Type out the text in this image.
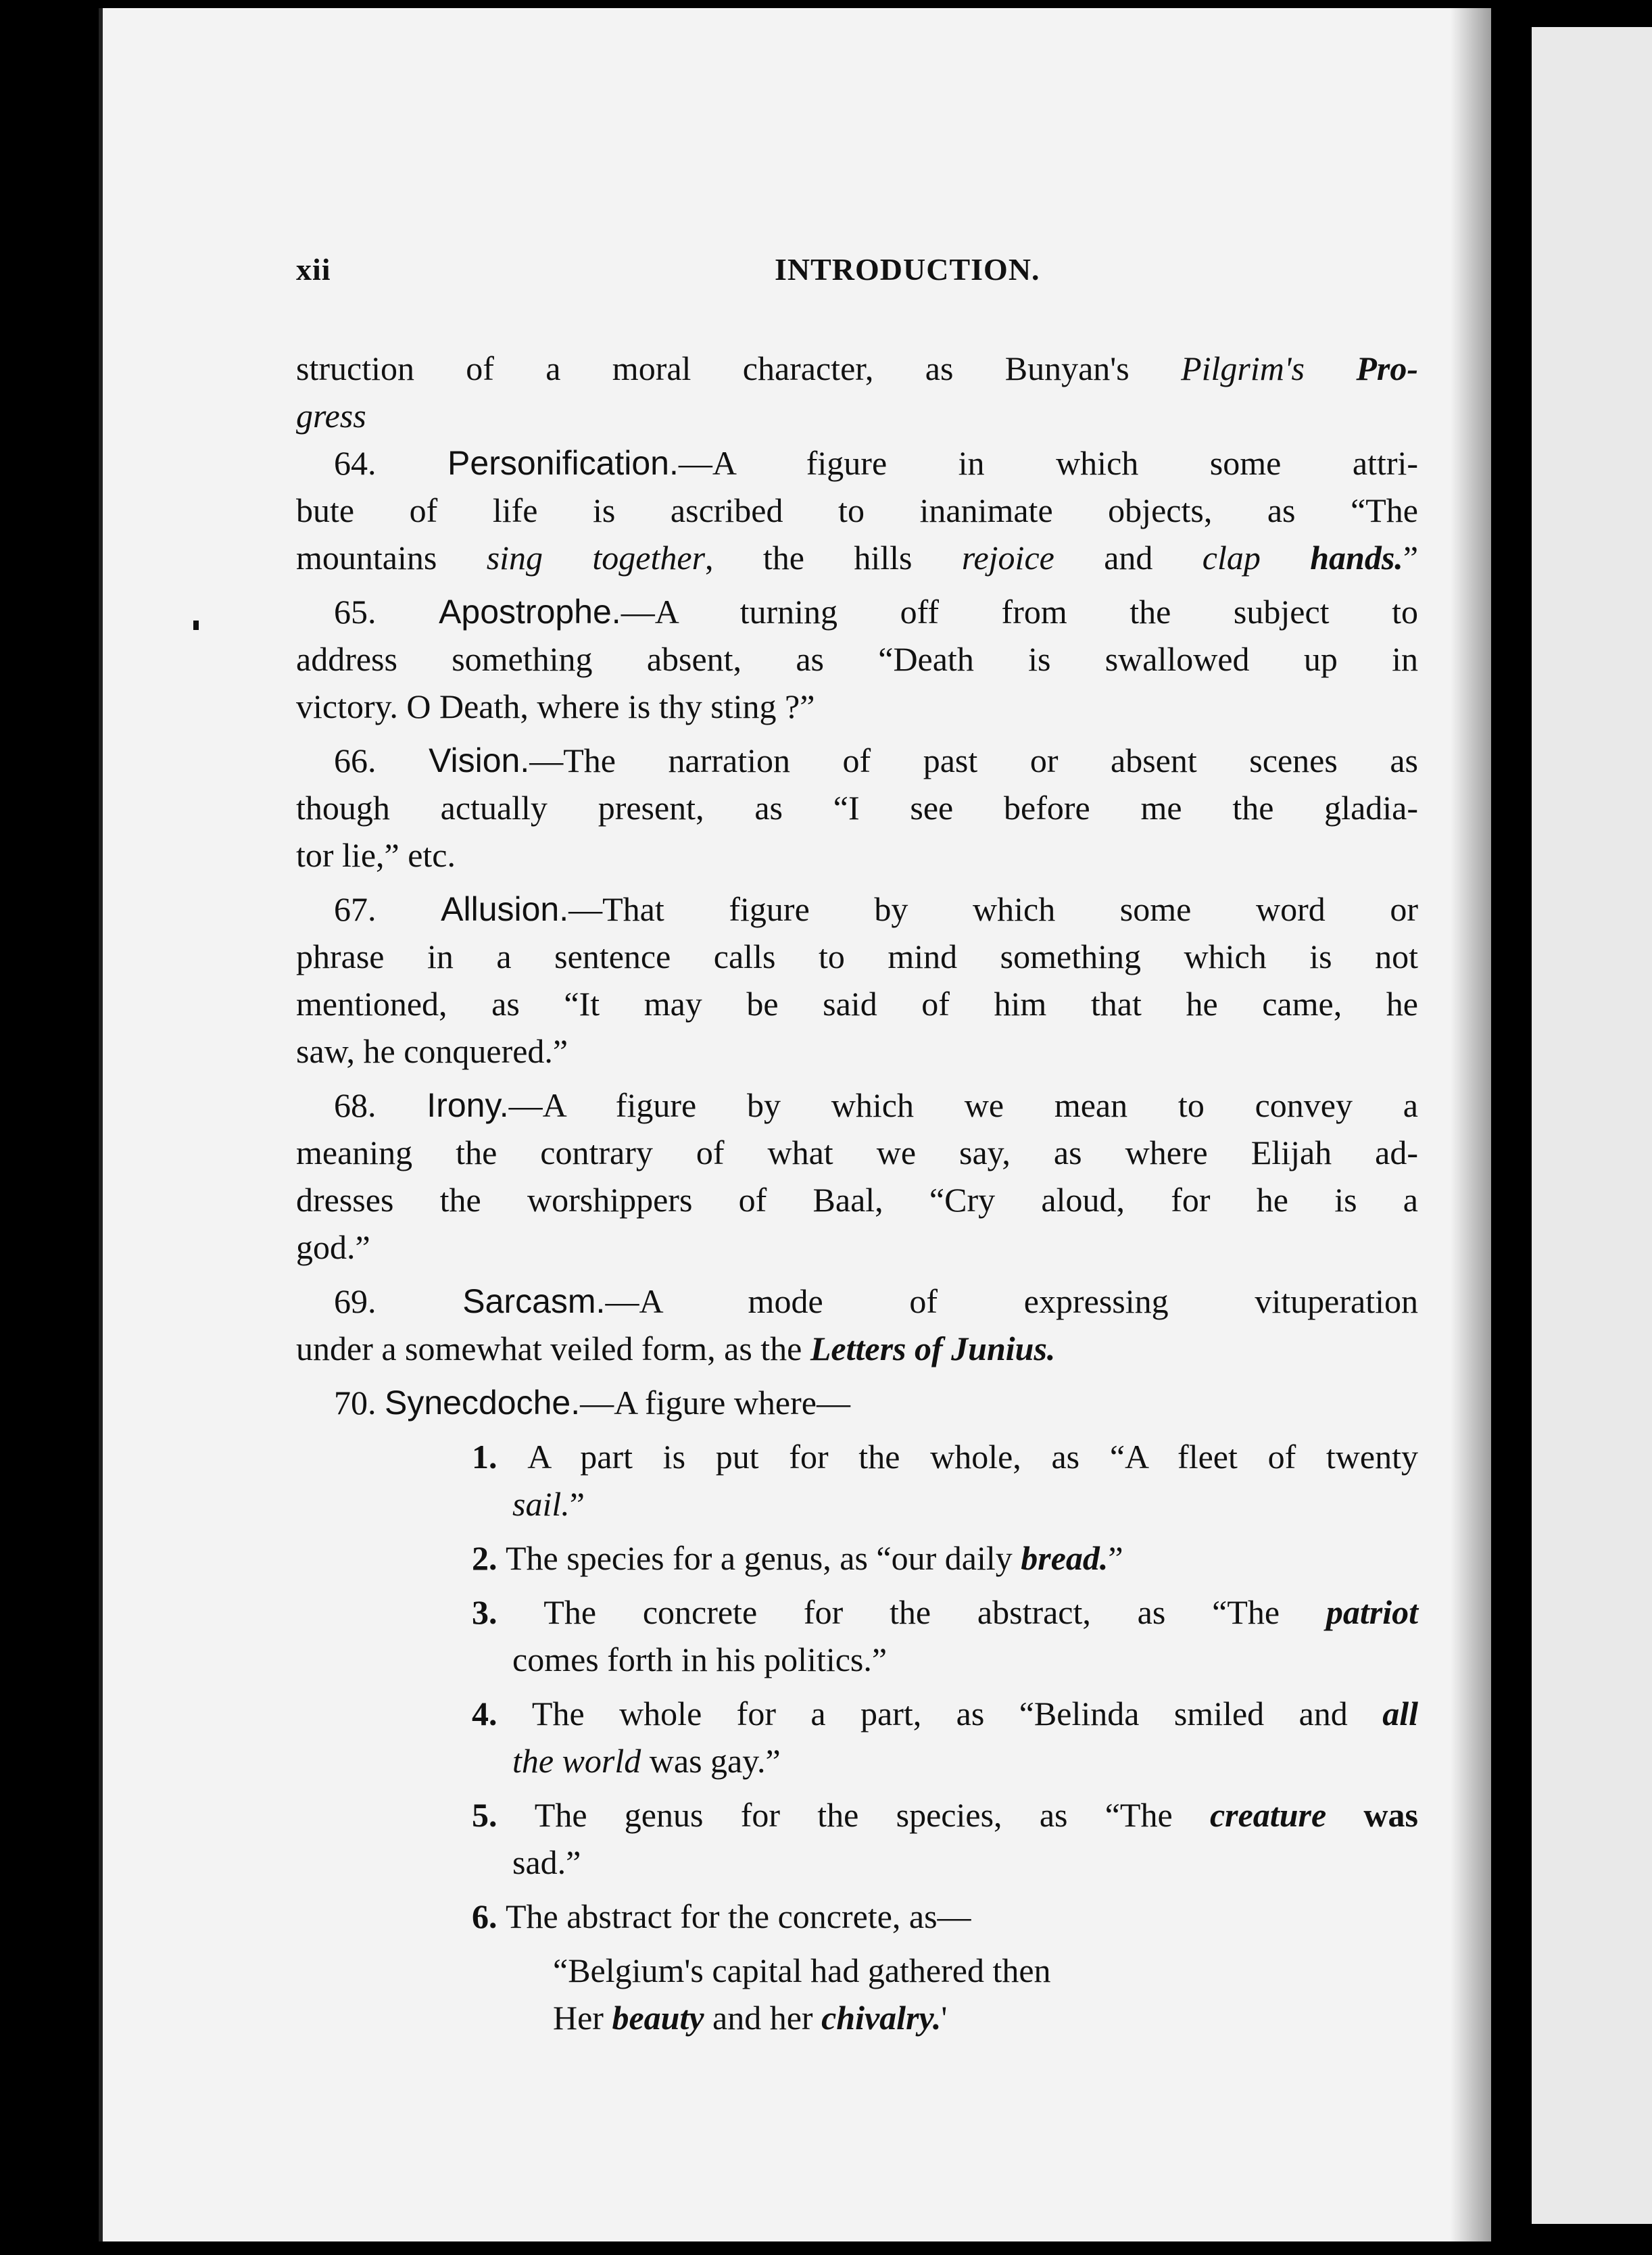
xii	INTRODUCTION.
struction of a moral character, as Bunyan's Pilgrim's Pro-
gress
64. Personification.—A figure in which some attri-
bute of life is ascribed to inanimate objects, as “The
mountains sing together, the hills rejoice and clap hands.”
65. Apostrophe.—A turning off from the subject to
address something absent, as “Death is swallowed up in
victory. O Death, where is thy sting ?”
66. Vision.—The narration of past or absent scenes as
though actually present, as “I see before me the gladia-
tor lie,” etc.
67. Allusion.—That figure by which some word or
phrase in a sentence calls to mind something which is not
mentioned, as “It may be said of him that he came, he
saw, he conquered.”
68. Irony.—A figure by which we mean to convey a
meaning the contrary of what we say, as where Elijah ad-
dresses the worshippers of Baal, “Cry aloud, for he is a
god.”
69. Sarcasm.—A mode of expressing vituperation
under a somewhat veiled form, as the Letters of Junius.
70. Synecdoche.—A figure where—
1. A part is put for the whole, as “A fleet of twenty
sail.”
2. The species for a genus, as “our daily bread.”
3. The concrete for the abstract, as “The patriot
comes forth in his politics.”
4. The whole for a part, as “Belinda smiled and all
the world was gay.”
5. The genus for the species, as “The creature was
sad.”
6. The abstract for the concrete, as—
“Belgium's capital had gathered then
Her beauty and her chivalry.'
